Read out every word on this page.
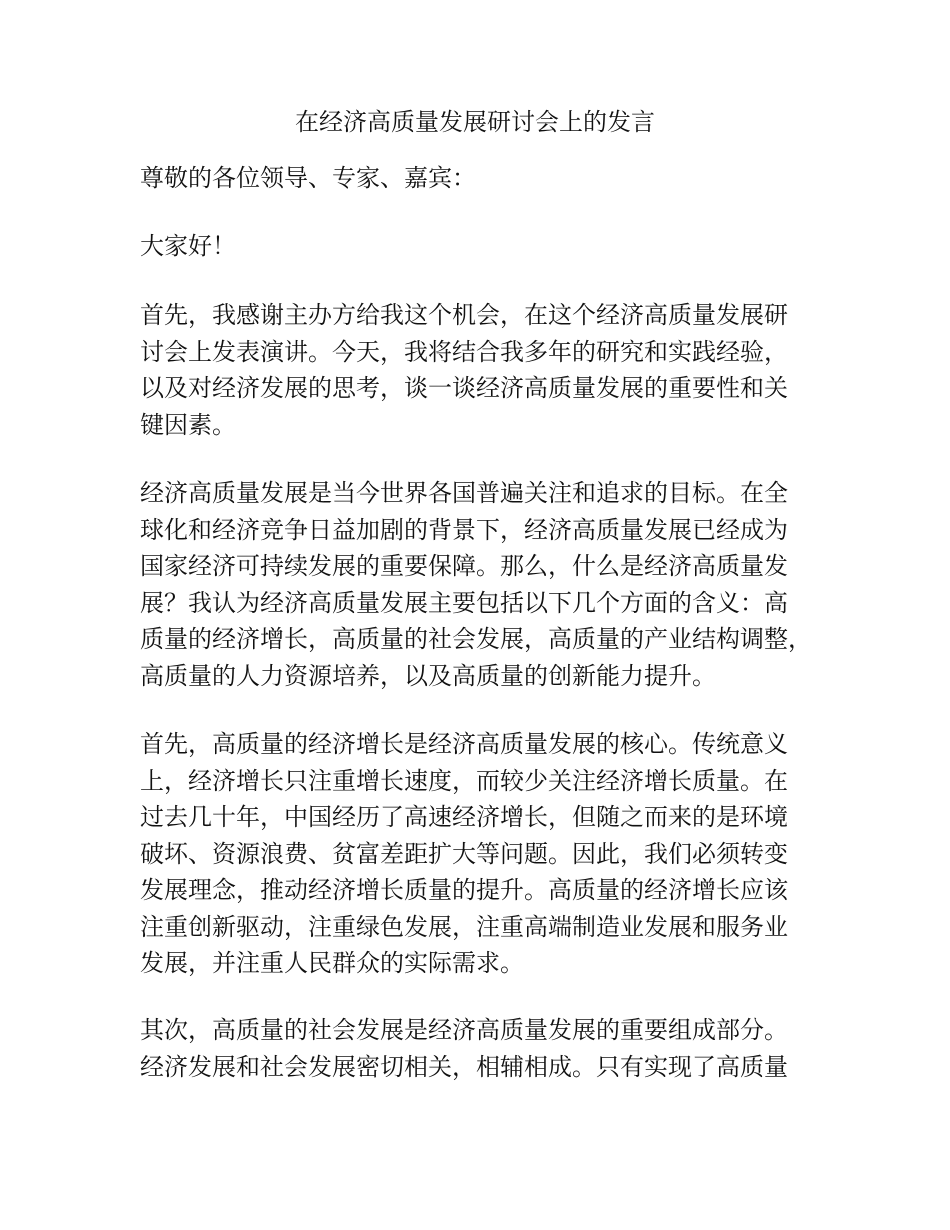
在经济高质量发展研讨会上的发言
尊敬的各位领导、专家、嘉宾：
大家好！
首先，我感谢主办方给我这个机会，在这个经济高质量发展研
讨会上发表演讲。今天，我将结合我多年的研究和实践经验，
以及对经济发展的思考，谈一谈经济高质量发展的重要性和关
键因素。
经济高质量发展是当今世界各国普遍关注和追求的目标。在全
球化和经济竞争日益加剧的背景下，经济高质量发展已经成为
国家经济可持续发展的重要保障。那么，什么是经济高质量发
展？我认为经济高质量发展主要包括以下几个方面的含义：高
质量的经济增长，高质量的社会发展，高质量的产业结构调整，
高质量的人力资源培养，以及高质量的创新能力提升。
首先，高质量的经济增长是经济高质量发展的核心。传统意义
上，经济增长只注重增长速度，而较少关注经济增长质量。在
过去几十年，中国经历了高速经济增长，但随之而来的是环境
破坏、资源浪费、贫富差距扩大等问题。因此，我们必须转变
发展理念，推动经济增长质量的提升。高质量的经济增长应该
注重创新驱动，注重绿色发展，注重高端制造业发展和服务业
发展，并注重人民群众的实际需求。
其次，高质量的社会发展是经济高质量发展的重要组成部分。
经济发展和社会发展密切相关，相辅相成。只有实现了高质量
